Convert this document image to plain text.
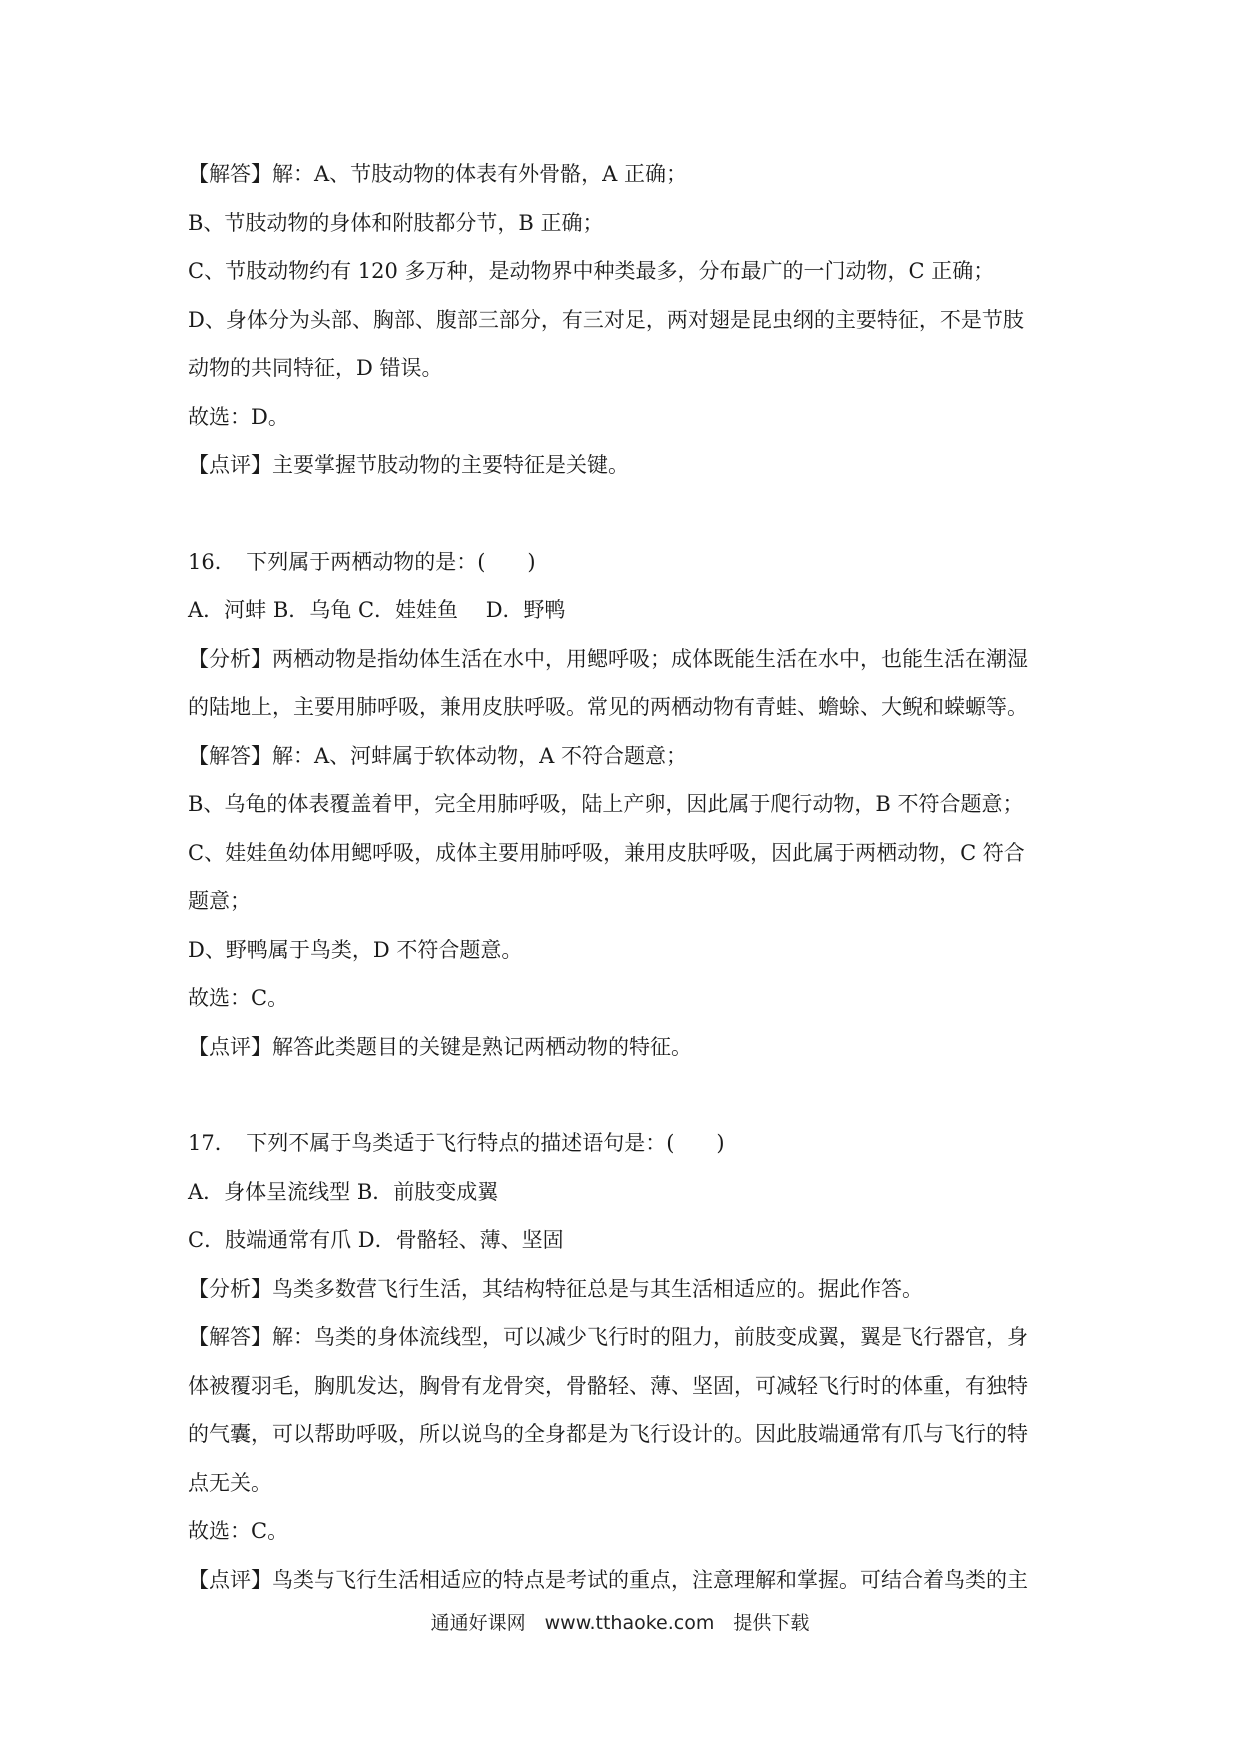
【解答】解：A、节肢动物的体表有外骨骼，A 正确；

B、节肢动物的身体和附肢都分节，B 正确；

C、节肢动物约有 120 多万种，是动物界中种类最多，分布最广的一门动物，C 正确；

D、身体分为头部、胸部、腹部三部分，有三对足，两对翅是昆虫纲的主要特征，不是节肢

动物的共同特征，D 错误。

故选：D。

【点评】主要掌握节肢动物的主要特征是关键。

16．　下列属于两栖动物的是：(　　)

A．河蚌 B．乌龟 C．娃娃鱼　 D．野鸭

【分析】两栖动物是指幼体生活在水中，用鳃呼吸；成体既能生活在水中，也能生活在潮湿

的陆地上，主要用肺呼吸，兼用皮肤呼吸。常见的两栖动物有青蛙、蟾蜍、大鲵和蝾螈等。

【解答】解：A、河蚌属于软体动物，A 不符合题意；

B、乌龟的体表覆盖着甲，完全用肺呼吸，陆上产卵，因此属于爬行动物，B 不符合题意；

C、娃娃鱼幼体用鳃呼吸，成体主要用肺呼吸，兼用皮肤呼吸，因此属于两栖动物，C 符合

题意；

D、野鸭属于鸟类，D 不符合题意。

故选：C。

【点评】解答此类题目的关键是熟记两栖动物的特征。

17．　下列不属于鸟类适于飞行特点的描述语句是：(　　)

A．身体呈流线型 B．前肢变成翼

C．肢端通常有爪 D．骨骼轻、薄、坚固

【分析】鸟类多数营飞行生活，其结构特征总是与其生活相适应的。据此作答。

【解答】解：鸟类的身体流线型，可以减少飞行时的阻力，前肢变成翼，翼是飞行器官，身

体被覆羽毛，胸肌发达，胸骨有龙骨突，骨骼轻、薄、坚固，可减轻飞行时的体重，有独特

的气囊，可以帮助呼吸，所以说鸟的全身都是为飞行设计的。因此肢端通常有爪与飞行的特

点无关。

故选：C。

【点评】鸟类与飞行生活相适应的特点是考试的重点，注意理解和掌握。可结合着鸟类的主

通通好课网　www.tthaoke.com　提供下载
